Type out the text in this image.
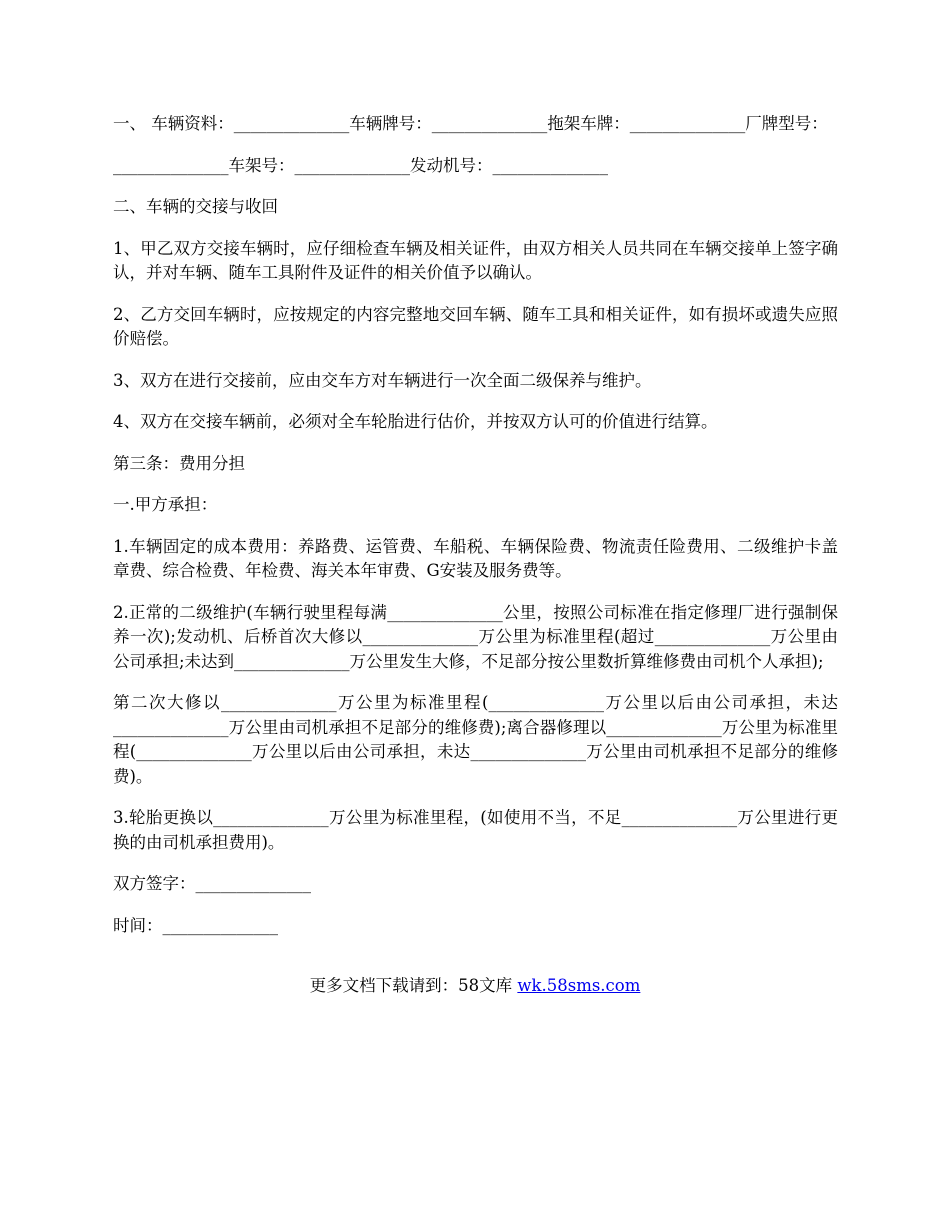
一、 车辆资料：______________车辆牌号：______________拖架车牌：______________厂牌型号：

______________车架号：______________发动机号：______________

二、车辆的交接与收回

1、甲乙双方交接车辆时，应仔细检查车辆及相关证件，由双方相关人员共同在车辆交接单上签字确认，并对车辆、随车工具附件及证件的相关价值予以确认。

2、乙方交回车辆时，应按规定的内容完整地交回车辆、随车工具和相关证件，如有损坏或遗失应照价赔偿。

3、双方在进行交接前，应由交车方对车辆进行一次全面二级保养与维护。

4、双方在交接车辆前，必须对全车轮胎进行估价，并按双方认可的价值进行结算。

第三条：费用分担

一.甲方承担：

1.车辆固定的成本费用：养路费、运管费、车船税、车辆保险费、物流责任险费用、二级维护卡盖章费、综合检费、年检费、海关本年审费、G安装及服务费等。

2.正常的二级维护(车辆行驶里程每满______________公里，按照公司标准在指定修理厂进行强制保养一次);发动机、后桥首次大修以______________万公里为标准里程(超过______________万公里由公司承担;未达到______________万公里发生大修，不足部分按公里数折算维修费由司机个人承担);

第二次大修以______________万公里为标准里程(______________万公里以后由公司承担，未达______________万公里由司机承担不足部分的维修费);离合器修理以______________万公里为标准里程(______________万公里以后由公司承担，未达______________万公里由司机承担不足部分的维修费)。

3.轮胎更换以______________万公里为标准里程，(如使用不当，不足______________万公里进行更换的由司机承担费用)。

双方签字：______________

时间：______________

更多文档下载请到：58文库 wk.58sms.com
